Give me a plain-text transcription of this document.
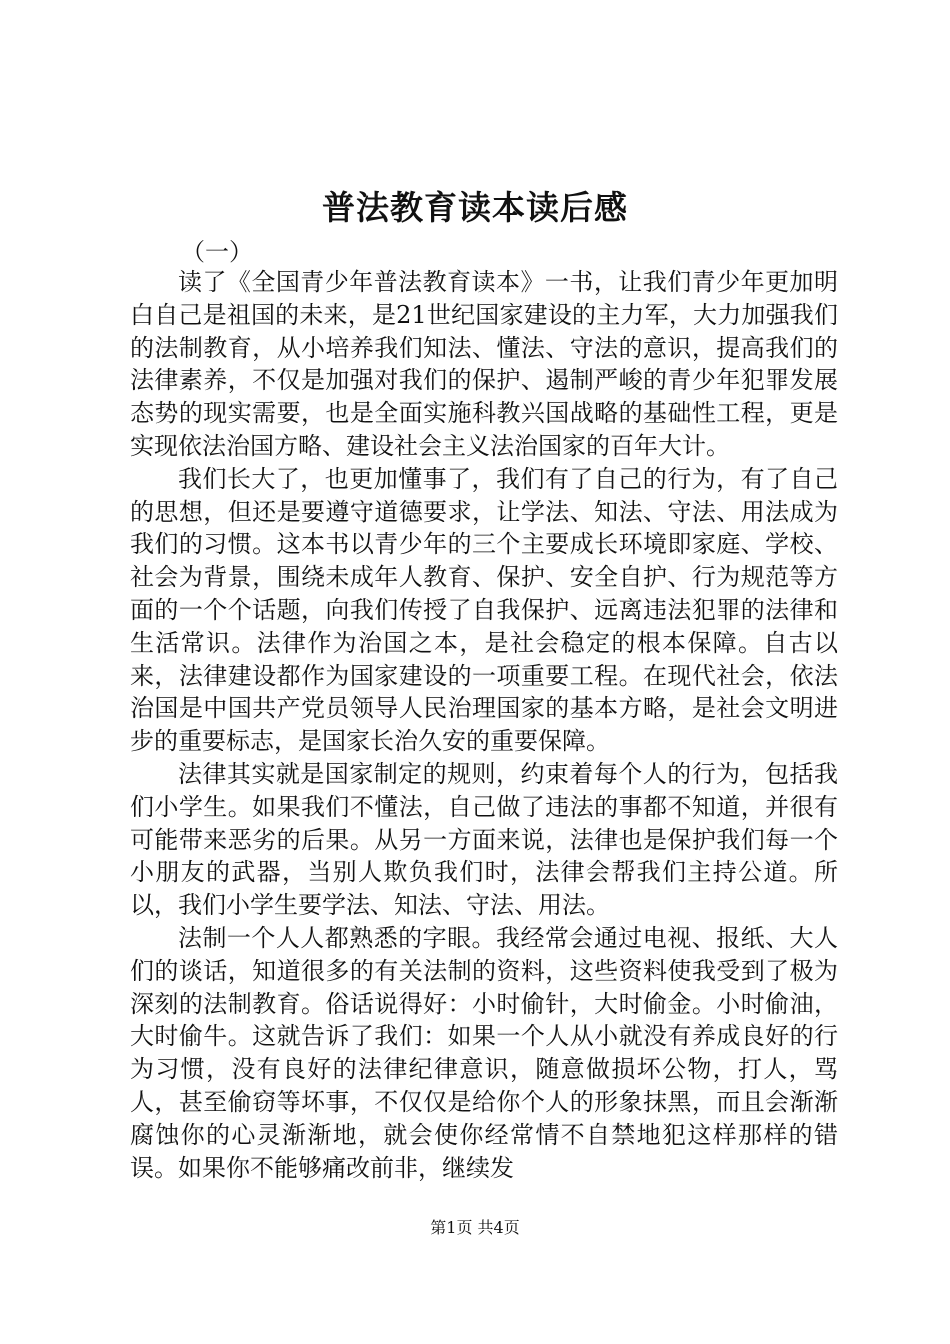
普法教育读本读后感
（一）

读了《全国青少年普法教育读本》一书，让我们青少年更加明白自己是祖国的未来，是21世纪国家建设的主力军，大力加强我们的法制教育，从小培养我们知法、懂法、守法的意识，提高我们的法律素养，不仅是加强对我们的保护、遏制严峻的青少年犯罪发展态势的现实需要，也是全面实施科教兴国战略的基础性工程，更是实现依法治国方略、建设社会主义法治国家的百年大计。

我们长大了，也更加懂事了，我们有了自己的行为，有了自己的思想，但还是要遵守道德要求，让学法、知法、守法、用法成为我们的习惯。这本书以青少年的三个主要成长环境即家庭、学校、社会为背景，围绕未成年人教育、保护、安全自护、行为规范等方面的一个个话题，向我们传授了自我保护、远离违法犯罪的法律和生活常识。法律作为治国之本，是社会稳定的根本保障。自古以来，法律建设都作为国家建设的一项重要工程。在现代社会，依法治国是中国共产党员领导人民治理国家的基本方略，是社会文明进步的重要标志，是国家长治久安的重要保障。

法律其实就是国家制定的规则，约束着每个人的行为，包括我们小学生。如果我们不懂法，自己做了违法的事都不知道，并很有可能带来恶劣的后果。从另一方面来说，法律也是保护我们每一个小朋友的武器，当别人欺负我们时，法律会帮我们主持公道。所以，我们小学生要学法、知法、守法、用法。

法制一个人人都熟悉的字眼。我经常会通过电视、报纸、大人们的谈话，知道很多的有关法制的资料，这些资料使我受到了极为深刻的法制教育。俗话说得好：小时偷针，大时偷金。小时偷油，大时偷牛。这就告诉了我们：如果一个人从小就没有养成良好的行为习惯，没有良好的法律纪律意识，随意做损坏公物，打人，骂人，甚至偷窃等坏事，不仅仅是给你个人的形象抹黑，而且会渐渐腐蚀你的心灵渐渐地，就会使你经常情不自禁地犯这样那样的错误。如果你不能够痛改前非，继续发

第1页 共4页
